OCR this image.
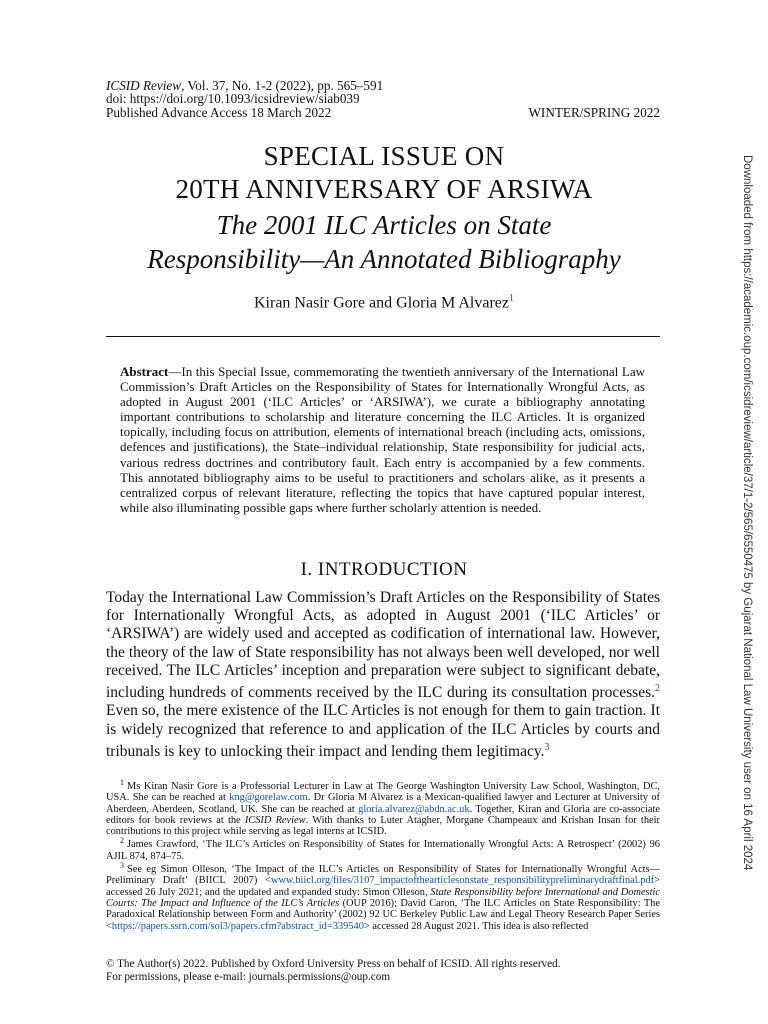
ICSID Review, Vol. 37, No. 1-2 (2022), pp. 565–591
doi: https://doi.org/10.1093/icsidreview/siab039
Published Advance Access 18 March 2022	WINTER/SPRING 2022
SPECIAL ISSUE ON
20TH ANNIVERSARY OF ARSIWA
The 2001 ILC Articles on State
Responsibility—An Annotated Bibliography
Kiran Nasir Gore and Gloria M Alvarez$^1$
Abstract—In this Special Issue, commemorating the twentieth anniversary of the International Law Commission’s Draft Articles on the Responsibility of States for Internationally Wrongful Acts, as adopted in August 2001 (‘ILC Articles’ or ‘ARSIWA’), we curate a bibliography annotating important contributions to scholarship and literature concerning the ILC Articles. It is organized topically, including focus on attribution, elements of international breach (including acts, omissions, defences and justifications), the State–individual relationship, State responsibility for judicial acts, various redress doctrines and contributory fault. Each entry is accompanied by a few comments. This annotated bibliography aims to be useful to practitioners and scholars alike, as it presents a centralized corpus of relevant literature, reflecting the topics that have captured popular interest, while also illuminating possible gaps where further scholarly attention is needed.
I. INTRODUCTION
Today the International Law Commission’s Draft Articles on the Responsibility of States for Internationally Wrongful Acts, as adopted in August 2001 (‘ILC Articles’ or ‘ARSIWA’) are widely used and accepted as codification of international law. However, the theory of the law of State responsibility has not always been well developed, nor well received. The ILC Articles’ inception and preparation were subject to significant debate, including hundreds of comments received by the ILC during its consultation processes.$^2$ Even so, the mere existence of the ILC Articles is not enough for them to gain traction. It is widely recognized that reference to and application of the ILC Articles by courts and tribunals is key to unlocking their impact and lending them legitimacy.$^3$

$^1$ Ms Kiran Nasir Gore is a Professorial Lecturer in Law at The George Washington University Law School, Washington, DC, USA. She can be reached at kng@gorelaw.com. Dr Gloria M Alvarez is a Mexican-qualified lawyer and Lecturer at University of Aberdeen, Aberdeen, Scotland, UK. She can be reached at gloria.alvarez@abdn.ac.uk. Together, Kiran and Gloria are co-associate editors for book reviews at the ICSID Review. With thanks to Luter Atagher, Morgane Champeaux and Krishan Insan for their contributions to this project while serving as legal interns at ICSID.

$^2$ James Crawford, ‘The ILC’s Articles on Responsibility of States for Internationally Wrongful Acts: A Retrospect’ (2002) 96 AJIL 874, 874–75.

$^3$ See eg Simon Olleson, ‘The Impact of the ILC’s Articles on Responsibility of States for Internationally Wrongful Acts—Preliminary Draft’ (BIICL 2007) <www.biicl.org/files/3107_impactofthearticlesonstate_responsibilitypreliminarydraftfinal.pdf> accessed 26 July 2021; and the updated and expanded study: Simon Olleson, State Responsibility before International and Domestic Courts: The Impact and Influence of the ILC’s Articles (OUP 2016); David Caron, ‘The ILC Articles on State Responsibility: The Paradoxical Relationship between Form and Authority’ (2002) 92 UC Berkeley Public Law and Legal Theory Research Paper Series <https://papers.ssrn.com/sol3/papers.cfm?abstract_id=339540> accessed 28 August 2021. This idea is also reflected

© The Author(s) 2022. Published by Oxford University Press on behalf of ICSID. All rights reserved.
For permissions, please e-mail: journals.permissions@oup.com
Downloaded from https://academic.oup.com/icsidreview/article/37/1-2/565/6550475 by Gujarat National Law University user on 16 April 2024
